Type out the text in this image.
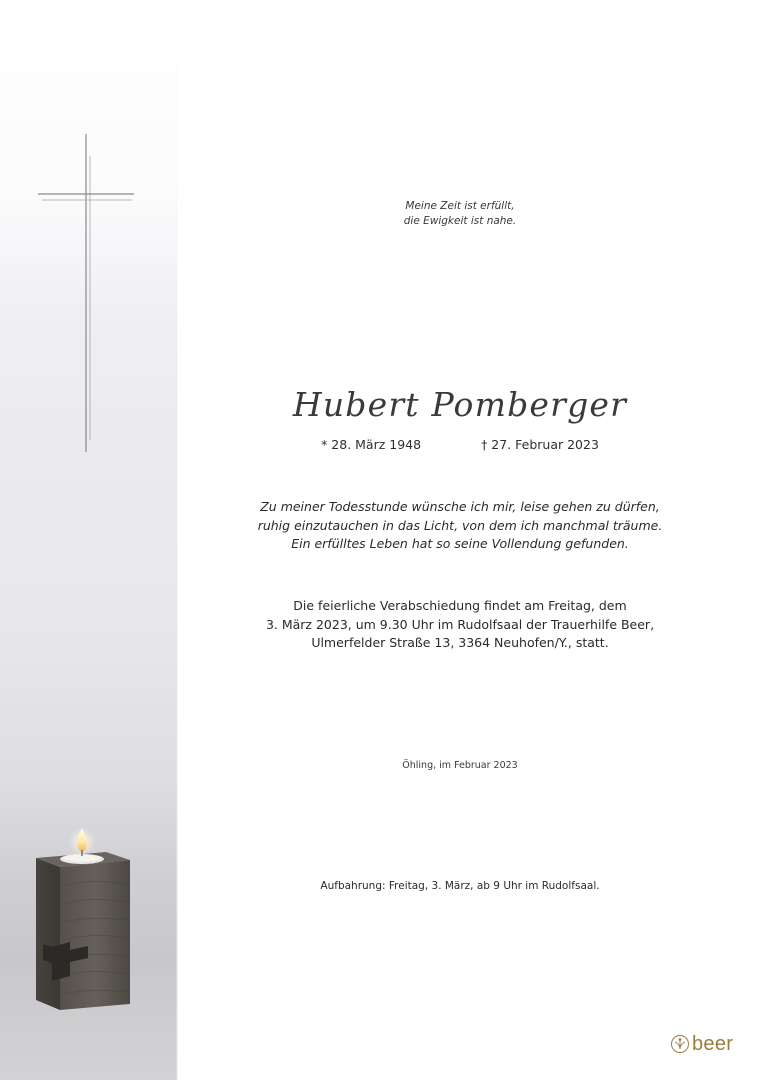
Meine Zeit ist erfüllt,
die Ewigkeit ist nahe.
Hubert Pomberger
* 28. März 1948	† 27. Februar 2023
Zu meiner Todesstunde wünsche ich mir, leise gehen zu dürfen,
ruhig einzutauchen in das Licht, von dem ich manchmal träume.
Ein erfülltes Leben hat so seine Vollendung gefunden.
Die feierliche Verabschiedung findet am Freitag, dem
3. März 2023, um 9.30 Uhr im Rudolfsaal der Trauerhilfe Beer,
Ulmerfelder Straße 13, 3364 Neuhofen/Y., statt.
Öhling, im Februar 2023
Aufbahrung: Freitag, 3. März, ab 9 Uhr im Rudolfsaal.
beer
